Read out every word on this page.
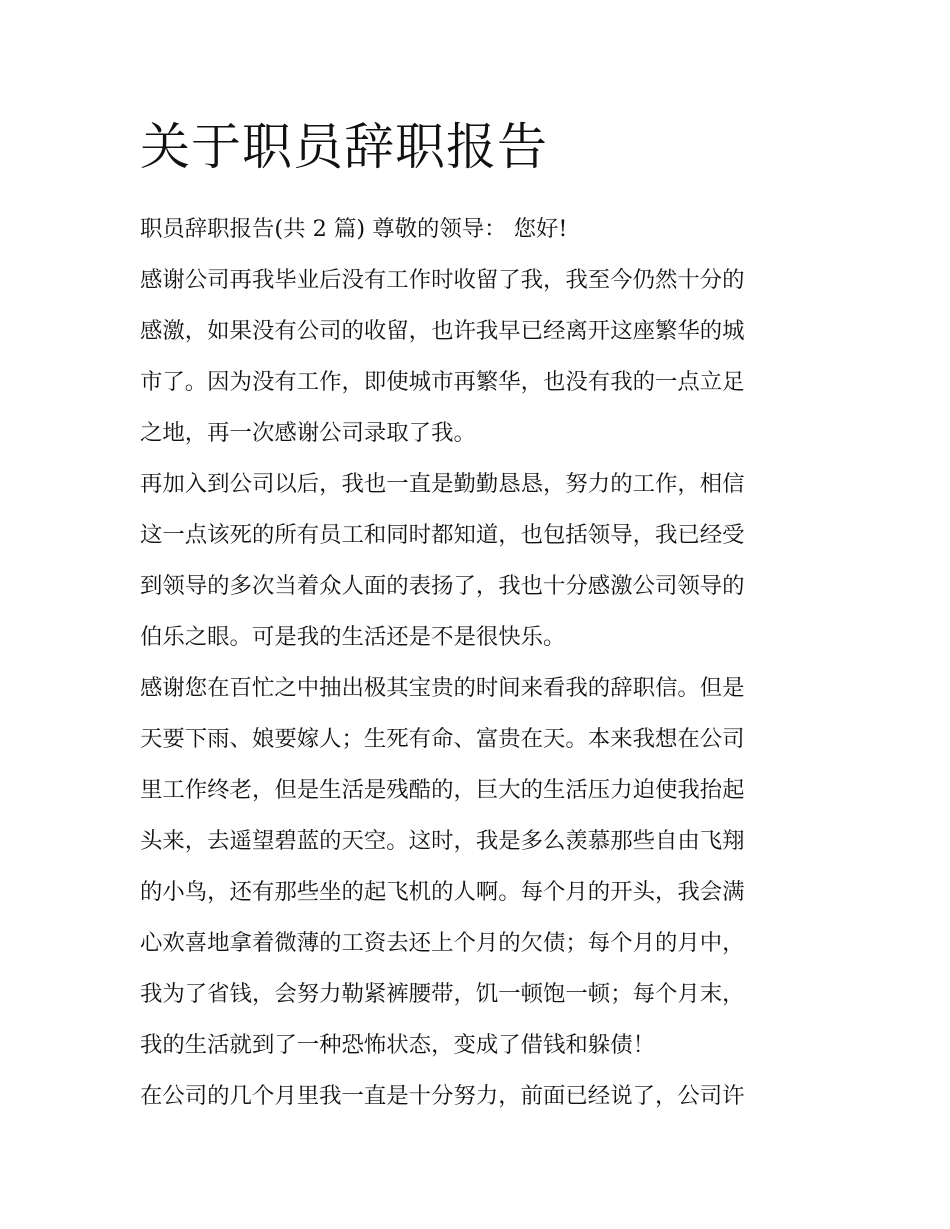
关于职员辞职报告

职员辞职报告(共 2 篇) 尊敬的领导： 您好!

感谢公司再我毕业后没有工作时收留了我，我至今仍然十分的

感激，如果没有公司的收留，也许我早已经离开这座繁华的城

市了。因为没有工作，即使城市再繁华，也没有我的一点立足

之地，再一次感谢公司录取了我。

再加入到公司以后，我也一直是勤勤恳恳，努力的工作，相信

这一点该死的所有员工和同时都知道，也包括领导，我已经受

到领导的多次当着众人面的表扬了，我也十分感激公司领导的

伯乐之眼。可是我的生活还是不是很快乐。

感谢您在百忙之中抽出极其宝贵的时间来看我的辞职信。但是

天要下雨、娘要嫁人；生死有命、富贵在天。本来我想在公司

里工作终老，但是生活是残酷的，巨大的生活压力迫使我抬起

头来，去遥望碧蓝的天空。这时，我是多么羡慕那些自由飞翔

的小鸟，还有那些坐的起飞机的人啊。每个月的开头，我会满

心欢喜地拿着微薄的工资去还上个月的欠债；每个月的月中，

我为了省钱，会努力勒紧裤腰带，饥一顿饱一顿；每个月末，

我的生活就到了一种恐怖状态，变成了借钱和躲债！

在公司的几个月里我一直是十分努力，前面已经说了，公司许
